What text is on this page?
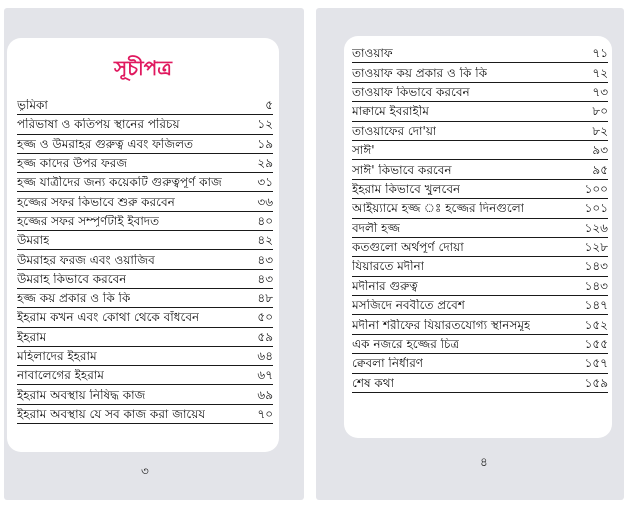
সূচীপত্র
ভূমিকা	৫
পরিভাষা ও কতিপয় স্থানের পরিচয়	১২
হজ্জ ও উমরাহর গুরুত্ব এবং ফজিলত	১৯
হজ্জ কাদের উপর ফরজ	২৯
হজ্জ যাত্রীদের জন্য কয়েকটি গুরুত্বপূর্ণ কাজ	৩১
হজ্জের সফর কিভাবে শুরু করবেন	৩৬
হজ্জের সফর সম্পূর্ণটাই ইবাদত	৪০
উমরাহ	৪২
উমরাহর ফরজ এবং ওয়াজিব	৪৩
উমরাহ কিভাবে করবেন	৪৩
হজ্জ কয় প্রকার ও কি কি	৪৮
ইহরাম কখন এবং কোথা থেকে বাঁধবেন	৫০
ইহরাম	৫৯
মহিলাদের ইহরাম	৬৪
নাবালেগের ইহরাম	৬৭
ইহরাম অবস্থায় নিষিদ্ধ কাজ	৬৯
ইহরাম অবস্থায় যে সব কাজ করা জায়েয	৭০
৩
তাওয়াফ	৭১
তাওয়াফ কয় প্রকার ও কি কি	৭২
তাওয়াফ কিভাবে করবেন	৭৩
মাক্বামে ইবরাহীম	৮০
তাওয়াফের দো'য়া	৮২
সাঈ'	৯৩
সাঈ' কিভাবে করবেন	৯৫
ইহরাম কিভাবে খুলবেন	১০০
আইয়্যামে হজ্জ ঃ হজ্জের দিনগুলো	১০১
বদলী হজ্জ	১২৬
কতগুলো অর্থপূর্ণ দোয়া	১২৮
যিয়ারতে মদীনা	১৪৩
মদীনার গুরুত্ব	১৪৩
মসজিদে নববীতে প্রবেশ	১৪৭
মদীনা শরীফের যিয়ারতযোগ্য স্থানসমূহ	১৫২
এক নজরে হজ্জের চিত্র	১৫৫
ক্বেবলা নির্ধারণ	১৫৭
শেষ কথা	১৫৯
৪
